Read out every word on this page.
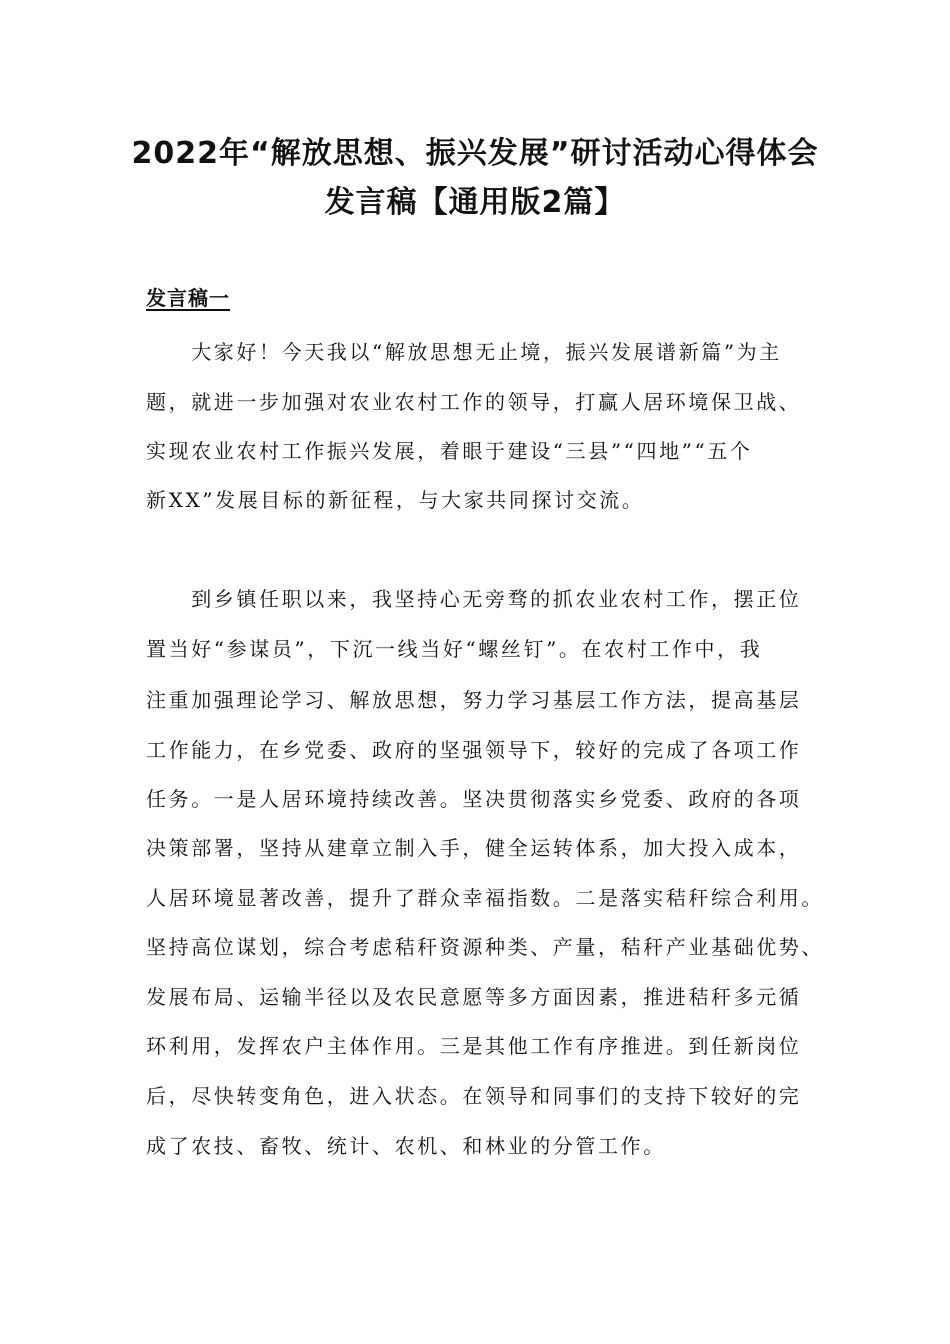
2022年“解放思想、振兴发展”研讨活动心得体会
发言稿【通用版2篇】
发言稿一
　　大家好！今天我以“解放思想无止境，振兴发展谱新篇”为主
题，就进一步加强对农业农村工作的领导，打赢人居环境保卫战、
实现农业农村工作振兴发展，着眼于建设“三县”“四地”“五个
新XX”发展目标的新征程，与大家共同探讨交流。
　　到乡镇任职以来，我坚持心无旁骛的抓农业农村工作，摆正位
置当好“参谋员”，下沉一线当好“螺丝钉”。在农村工作中，我
注重加强理论学习、解放思想，努力学习基层工作方法，提高基层
工作能力，在乡党委、政府的坚强领导下，较好的完成了各项工作
任务。一是人居环境持续改善。坚决贯彻落实乡党委、政府的各项
决策部署，坚持从建章立制入手，健全运转体系，加大投入成本，
人居环境显著改善，提升了群众幸福指数。二是落实秸秆综合利用。
坚持高位谋划，综合考虑秸秆资源种类、产量，秸秆产业基础优势、
发展布局、运输半径以及农民意愿等多方面因素，推进秸秆多元循
环利用，发挥农户主体作用。三是其他工作有序推进。到任新岗位
后，尽快转变角色，进入状态。在领导和同事们的支持下较好的完
成了农技、畜牧、统计、农机、和林业的分管工作。
